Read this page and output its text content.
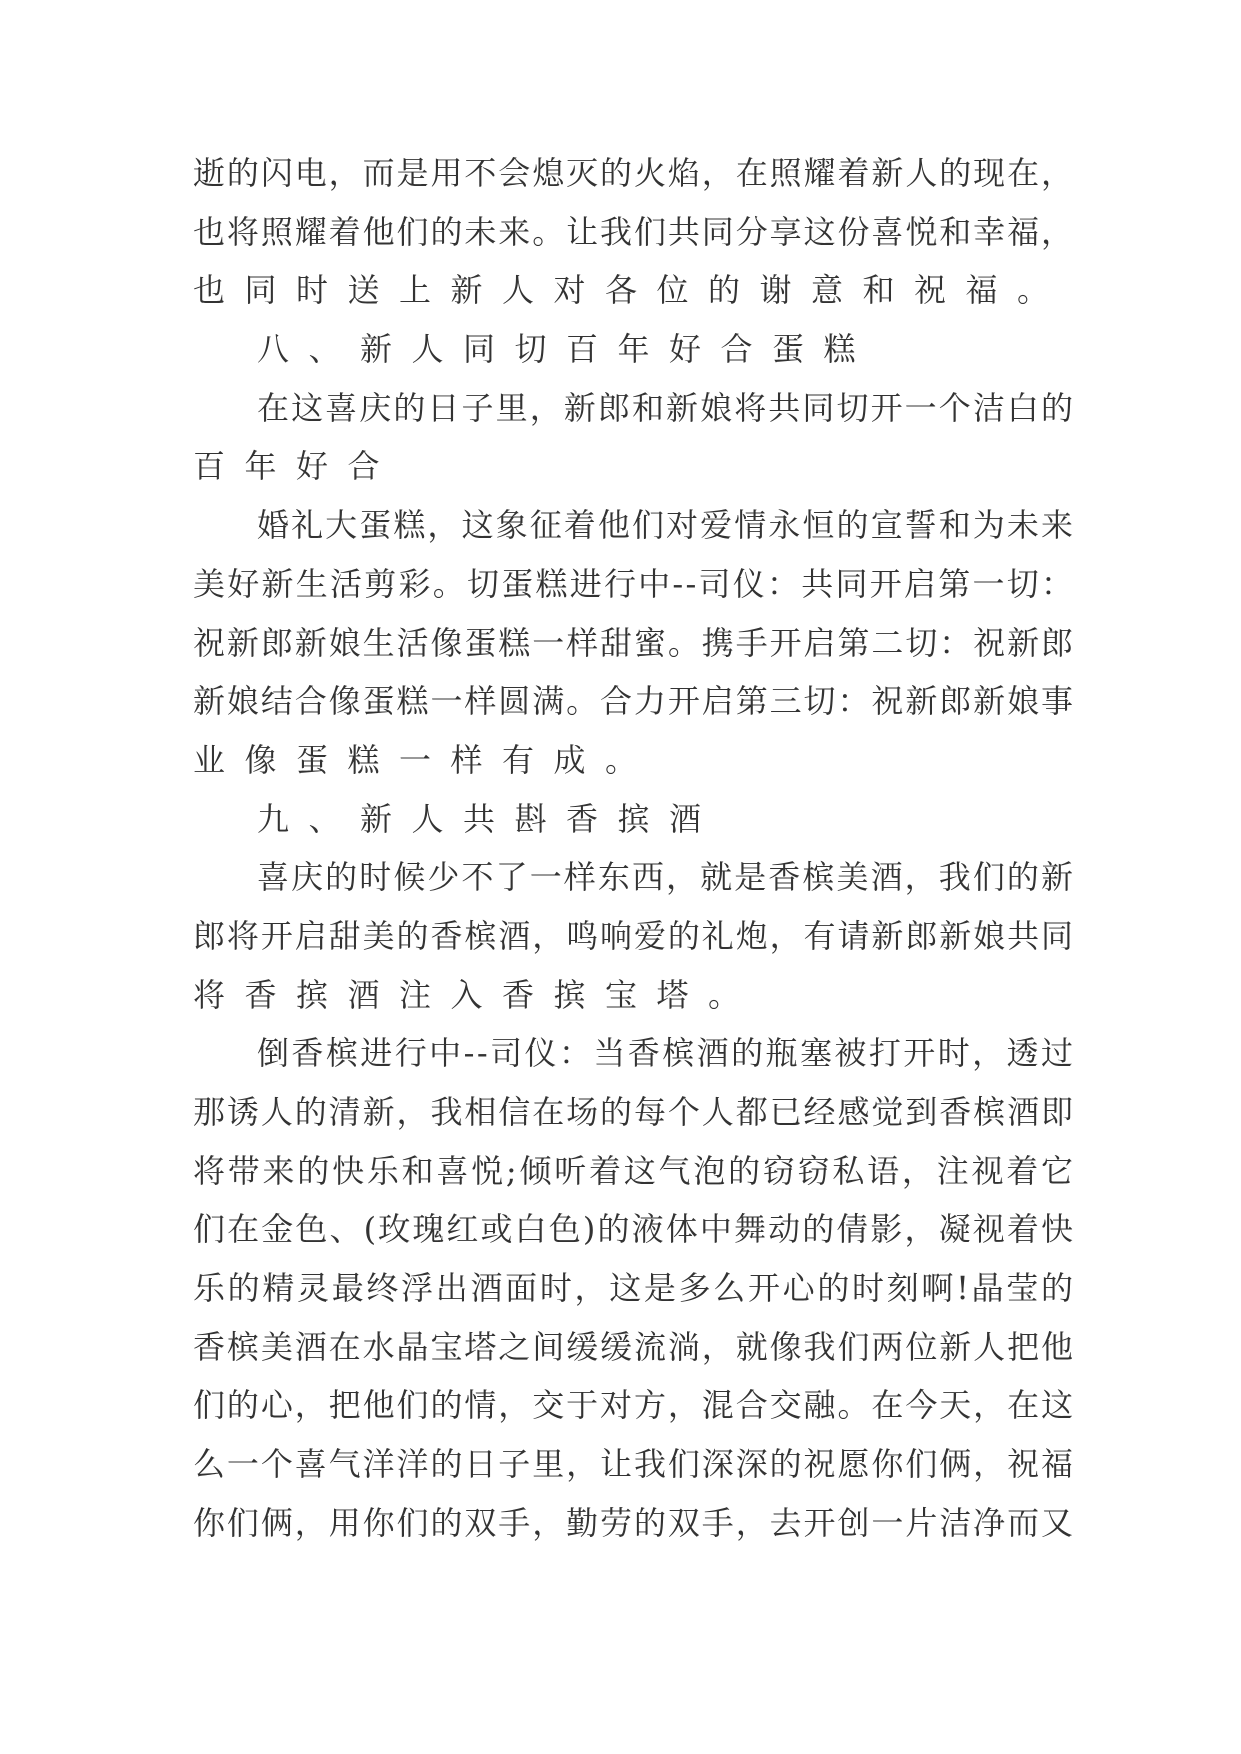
逝的闪电，而是用不会熄灭的火焰，在照耀着新人的现在，
也将照耀着他们的未来。让我们共同分享这份喜悦和幸福，
也同时送上新人对各位的谢意和祝福。
八、新人同切百年好合蛋糕
在这喜庆的日子里，新郎和新娘将共同切开一个洁白的
百年好合
婚礼大蛋糕，这象征着他们对爱情永恒的宣誓和为未来
美好新生活剪彩。切蛋糕进行中--司仪：共同开启第一切：
祝新郎新娘生活像蛋糕一样甜蜜。携手开启第二切：祝新郎
新娘结合像蛋糕一样圆满。合力开启第三切：祝新郎新娘事
业像蛋糕一样有成。
九、新人共斟香摈酒
喜庆的时候少不了一样东西，就是香槟美酒，我们的新
郎将开启甜美的香槟酒，鸣响爱的礼炮，有请新郎新娘共同
将香摈酒注入香摈宝塔。
倒香槟进行中--司仪：当香槟酒的瓶塞被打开时，透过
那诱人的清新，我相信在场的每个人都已经感觉到香槟酒即
将带来的快乐和喜悦;倾听着这气泡的窃窃私语，注视着它
们在金色、(玫瑰红或白色)的液体中舞动的倩影，凝视着快
乐的精灵最终浮出酒面时，这是多么开心的时刻啊!晶莹的
香槟美酒在水晶宝塔之间缓缓流淌，就像我们两位新人把他
们的心，把他们的情，交于对方，混合交融。在今天，在这
么一个喜气洋洋的日子里，让我们深深的祝愿你们俩，祝福
你们俩，用你们的双手，勤劳的双手，去开创一片洁净而又
